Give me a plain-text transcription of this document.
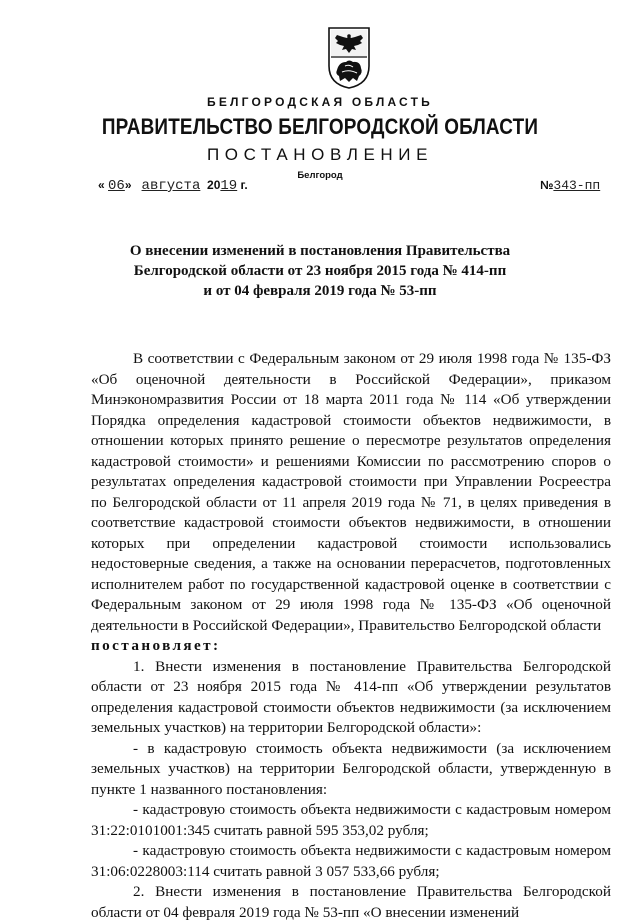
БЕЛГОРОДСКАЯ ОБЛАСТЬ
ПРАВИТЕЛЬСТВО БЕЛГОРОДСКОЙ ОБЛАСТИ
ПОСТАНОВЛЕНИЕ
Белгород
« 06» августа 2019 г.	№343-пп
О внесении изменений в постановления Правительства
Белгородской области от 23 ноября 2015 года № 414-пп
и от 04 февраля 2019 года № 53-пп
В соответствии с Федеральным законом от 29 июля 1998 года № 135-ФЗ «Об оценочной деятельности в Российской Федерации», приказом Минэкономразвития России от 18 марта 2011 года № 114 «Об утверждении Порядка определения кадастровой стоимости объектов недвижимости, в отношении которых принято решение о пересмотре результатов определения кадастровой стоимости» и решениями Комиссии по рассмотрению споров о результатах определения кадастровой стоимости при Управлении Росреестра по Белгородской области от 11 апреля 2019 года № 71, в целях приведения в соответствие кадастровой стоимости объектов недвижимости, в отношении которых при определении кадастровой стоимости использовались недостоверные сведения, а также на основании перерасчетов, подготовленных исполнителем работ по государственной кадастровой оценке в соответствии с Федеральным законом от 29 июля 1998 года № 135-ФЗ «Об оценочной деятельности в Российской Федерации», Правительство Белгородской области
постановляет:
1. Внести изменения в постановление Правительства Белгородской области от 23 ноября 2015 года № 414-пп «Об утверждении результатов определения кадастровой стоимости объектов недвижимости (за исключением земельных участков) на территории Белгородской области»:
- в кадастровую стоимость объекта недвижимости (за исключением земельных участков) на территории Белгородской области, утвержденную в пункте 1 названного постановления:
- кадастровую стоимость объекта недвижимости с кадастровым номером 31:22:0101001:345 считать равной 595 353,02 рубля;
- кадастровую стоимость объекта недвижимости с кадастровым номером 31:06:0228003:114 считать равной 3 057 533,66 рубля;
2. Внести изменения в постановление Правительства Белгородской области от 04 февраля 2019 года № 53-пп «О внесении изменений
